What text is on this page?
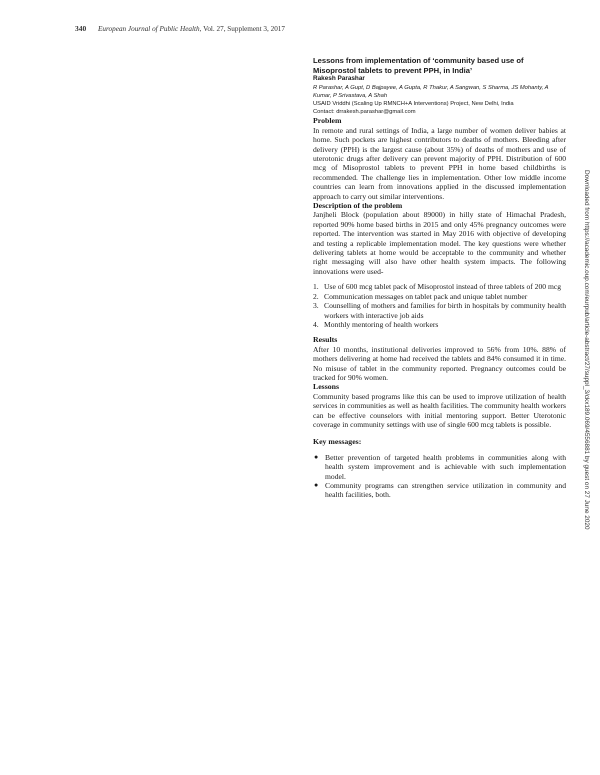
340 European Journal of Public Health, Vol. 27, Supplement 3, 2017
Lessons from implementation of ‘community based use of Misoprostol tablets to prevent PPH, in India’
Rakesh Parashar
R Parashar, A Gupt, D Bajpayee, A Gupta, R Thakur, A Sangwan, S Sharma, JS Mohanty, A Kumar, P Srivastava, A Shah
USAID Vriddhi (Scaling Up RMNCH+A Interventions) Project, New Delhi, India
Contact: drrakesh.parashar@gmail.com
Problem

In remote and rural settings of India, a large number of women deliver babies at home. Such pockets are highest contributors to deaths of mothers. Bleeding after delivery (PPH) is the largest cause (about 35%) of deaths of mothers and use of uterotonic drugs after delivery can prevent majority of PPH. Distribution of 600 mcg of Misoprostol tablets to prevent PPH in home based childbirths is recommended. The challenge lies in implementation. Other low middle income countries can learn from innovations applied in the discussed implementation approach to carry out similar interventions.

Description of the problem

Janjheli Block (population about 89000) in hilly state of Himachal Pradesh, reported 90% home based births in 2015 and only 45% pregnancy outcomes were reported. The intervention was started in May 2016 with objective of developing and testing a replicable implementation model. The key questions were whether delivering tablets at home would be acceptable to the community and whether right messaging will also have other health system impacts. The following innovations were used-

1. Use of 600 mcg tablet pack of Misoprostol instead of three tablets of 200 mcg
2. Communication messages on tablet pack and unique tablet number
3. Counselling of mothers and families for birth in hospitals by community health workers with interactive job aids
4. Monthly mentoring of health workers
Results

After 10 months, institutional deliveries improved to 56% from 10%. 88% of mothers delivering at home had received the tablets and 84% consumed it in time. No misuse of tablet in the community reported. Pregnancy outcomes could be tracked for 90% women.

Lessons

Community based programs like this can be used to improve utilization of health services in communities as well as health facilities. The community health workers can be effective counselors with initial mentoring support. Better Uterotonic coverage in community settings with use of single 600 mcg tablets is possible.

Key messages:
● Better prevention of targeted health problems in communities along with health system improvement and is achievable with such implementation model.
● Community programs can strengthen service utilization in community and health facilities, both.	Downloaded from https://academic.oup.com/eurpub/article-abstract/27/suppl_3/ckx189.069/4556881 by guest on 27 June 2020
